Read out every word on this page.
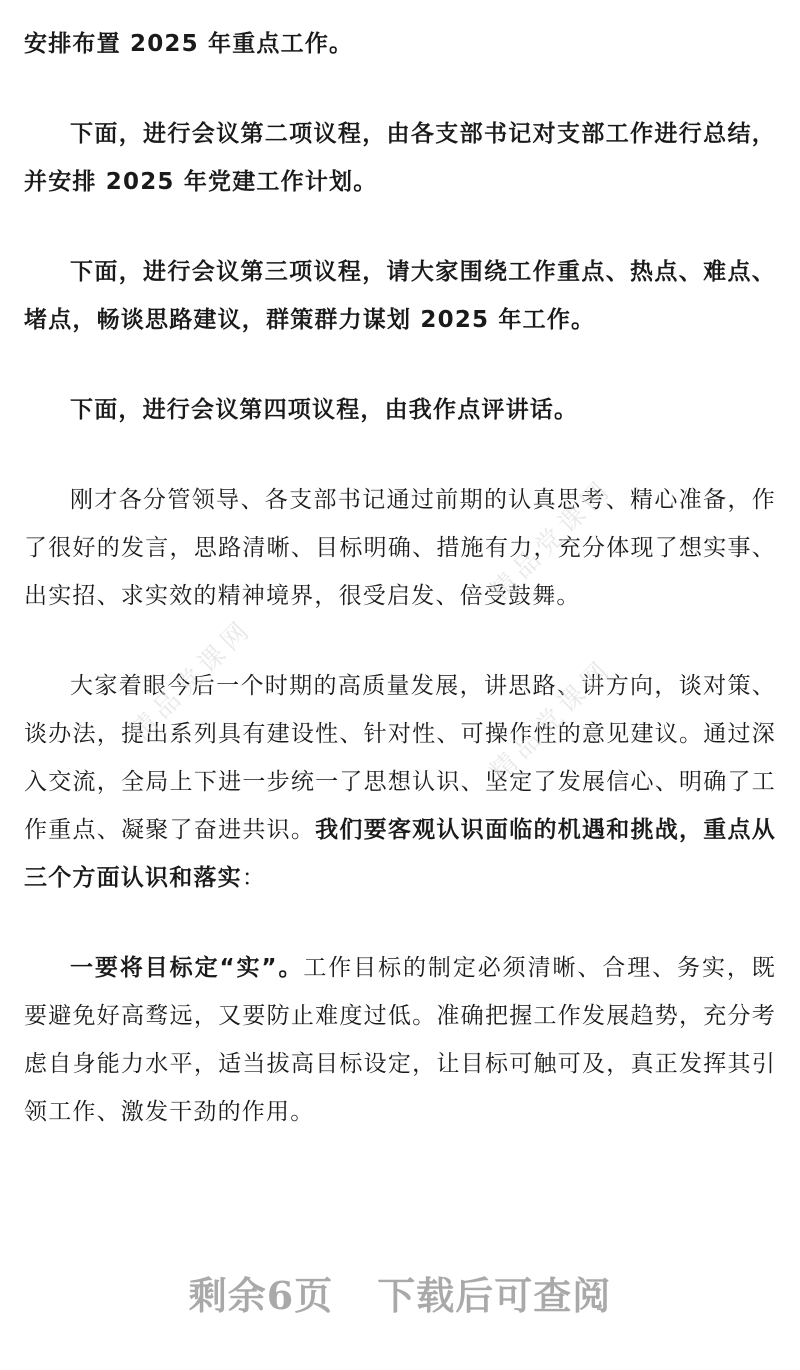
安排布置 2025 年重点工作。

下面，进行会议第二项议程，由各支部书记对支部工作进行总结，并安排 2025 年党建工作计划。

下面，进行会议第三项议程，请大家围绕工作重点、热点、难点、堵点，畅谈思路建议，群策群力谋划 2025 年工作。

下面，进行会议第四项议程，由我作点评讲话。

刚才各分管领导、各支部书记通过前期的认真思考、精心准备，作了很好的发言，思路清晰、目标明确、措施有力，充分体现了想实事、出实招、求实效的精神境界，很受启发、倍受鼓舞。

大家着眼今后一个时期的高质量发展，讲思路、讲方向，谈对策、谈办法，提出系列具有建设性、针对性、可操作性的意见建议。通过深入交流，全局上下进一步统一了思想认识、坚定了发展信心、明确了工作重点、凝聚了奋进共识。我们要客观认识面临的机遇和挑战，重点从三个方面认识和落实：

一要将目标定“实”。工作目标的制定必须清晰、合理、务实，既要避免好高骛远，又要防止难度过低。准确把握工作发展趋势，充分考虑自身能力水平，适当拔高目标设定，让目标可触可及，真正发挥其引领工作、激发干劲的作用。

精品党课网
精品党课网	精品党课网
剩余6页 下载后可查阅
